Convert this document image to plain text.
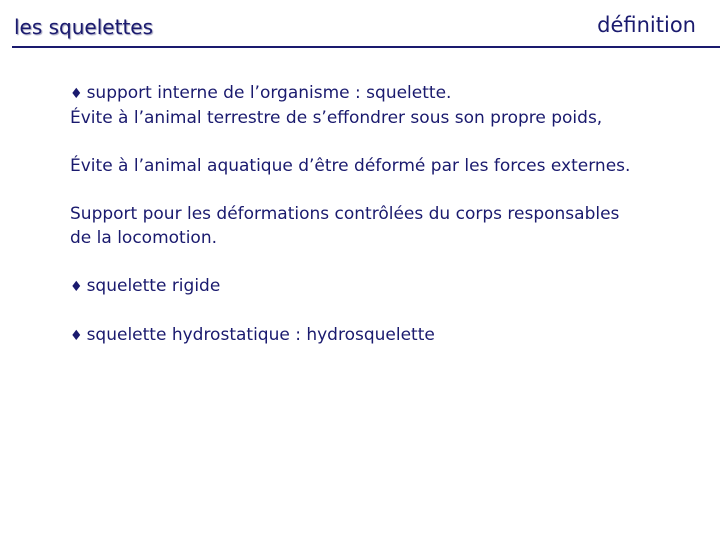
les squelettes	définition

♦ support interne de l’organisme : squelette.
Évite à l’animal terrestre de s’effondrer sous son propre poids,

Évite à l’animal aquatique d’être déformé par les forces externes.

Support pour les déformations contrôlées du corps responsables
de la locomotion.

♦ squelette rigide

♦ squelette hydrostatique : hydrosquelette
